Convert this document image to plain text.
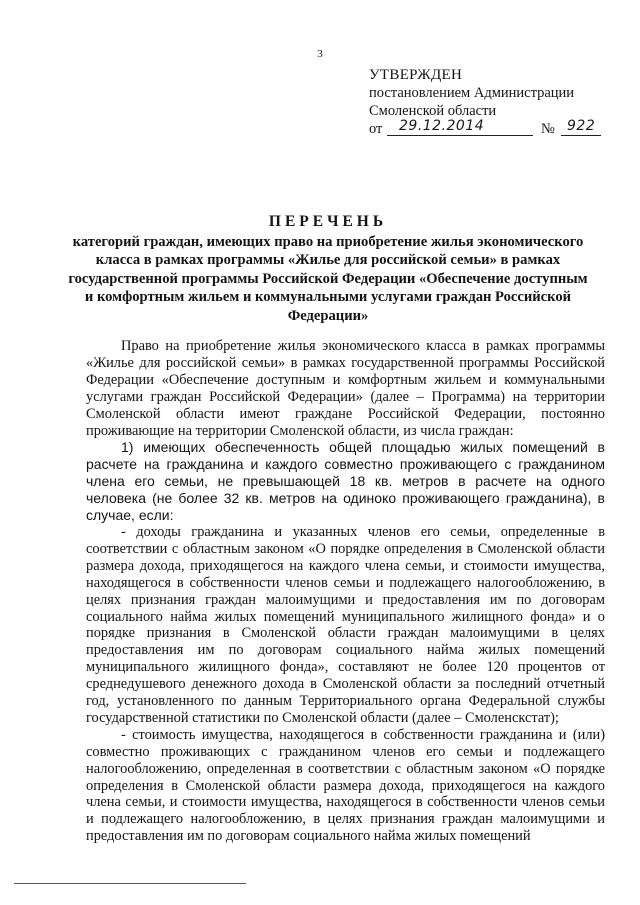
3
УТВЕРЖДЕН
постановлением Администрации
Смоленской области
от 29.12.2014	№ 922
ПЕРЕЧЕНЬ
категорий граждан, имеющих право на приобретение жилья экономического
класса в рамках программы «Жилье для российской семьи» в рамках
государственной программы Российской Федерации «Обеспечение доступным
и комфортным жильем и коммунальными услугами граждан Российской
Федерации»

Право на приобретение жилья экономического класса в рамках программы «Жилье для российской семьи» в рамках государственной программы Российской Федерации «Обеспечение доступным и комфортным жильем и коммунальными услугами граждан Российской Федерации» (далее – Программа) на территории Смоленской области имеют граждане Российской Федерации, постоянно проживающие на территории Смоленской области, из числа граждан:

1) имеющих обеспеченность общей площадью жилых помещений в расчете на гражданина и каждого совместно проживающего с гражданином члена его семьи, не превышающей 18 кв. метров в расчете на одного человека (не более 32 кв. метров на одиноко проживающего гражданина), в случае, если:

- доходы гражданина и указанных членов его семьи, определенные в соответствии с областным законом «О порядке определения в Смоленской области размера дохода, приходящегося на каждого члена семьи, и стоимости имущества, находящегося в собственности членов семьи и подлежащего налогообложению, в целях признания граждан малоимущими и предоставления им по договорам социального найма жилых помещений муниципального жилищного фонда» и о порядке признания в Смоленской области граждан малоимущими в целях предоставления им по договорам социального найма жилых помещений муниципального жилищного фонда», составляют не более 120 процентов от среднедушевого денежного дохода в Смоленской области за последний отчетный год, установленного по данным Территориального органа Федеральной службы государственной статистики по Смоленской области (далее – Смоленскстат);

- стоимость имущества, находящегося в собственности гражданина и (или) совместно проживающих с гражданином членов его семьи и подлежащего налогообложению, определенная в соответствии с областным законом «О порядке определения в Смоленской области размера дохода, приходящегося на каждого члена семьи, и стоимости имущества, находящегося в собственности членов семьи и подлежащего налогообложению, в целях признания граждан малоимущими и предоставления им по договорам социального найма жилых помещений
